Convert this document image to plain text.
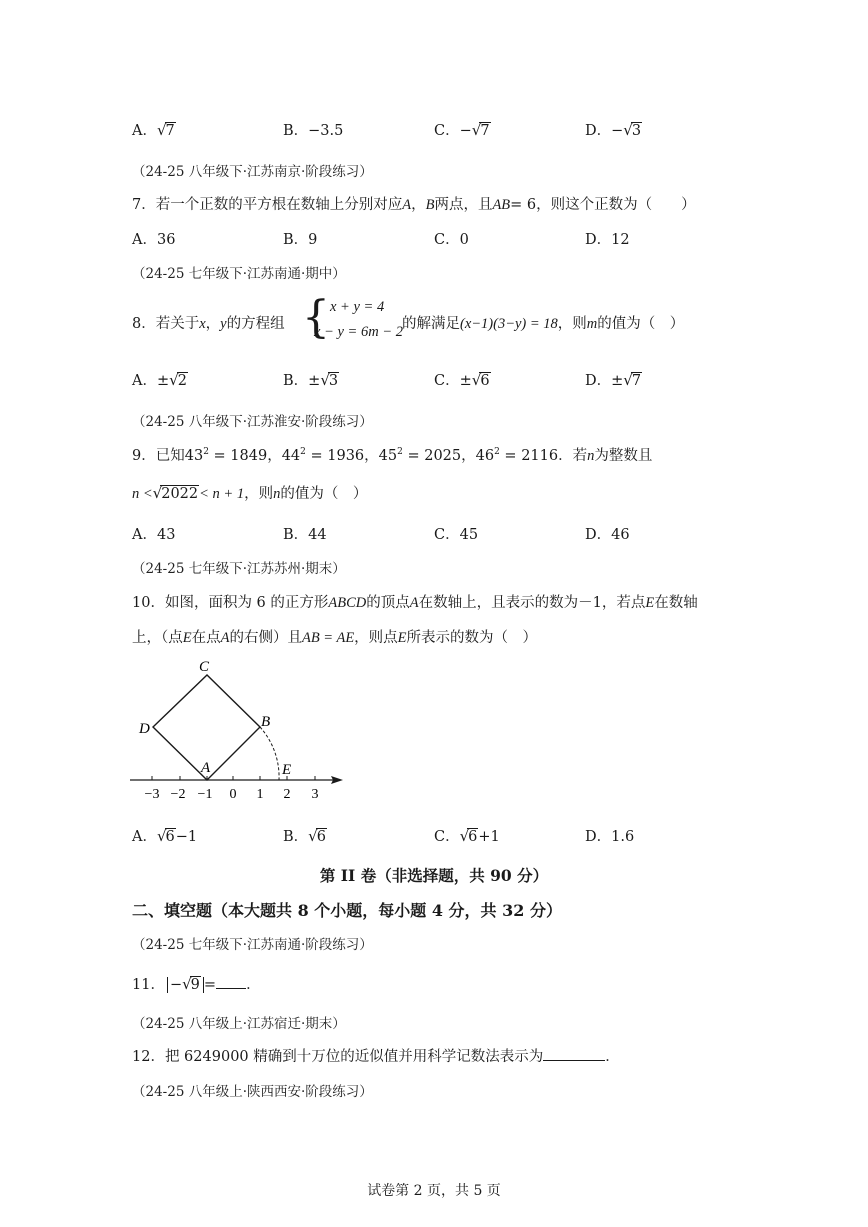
A．√7	B．−3.5	C．−√7	D．−√3
（24-25 八年级下·江苏南京·阶段练习）
7．若一个正数的平方根在数轴上分别对应A，B两点，且AB= 6，则这个正数为（　　）
A．36	B．9	C．0	D．12
（24-25 七年级下·江苏南通·期中）
8．若关于x，y的方程组 { x + y = 4
x − y = 6m − 2 的解满足(x−1)(3−y) = 18，则m的值为（　）
A．±√2	B．±√3	C．±√6	D．±√7
（24-25 八年级下·江苏淮安·阶段练习）
9．已知$43^2 = 1849$，$44^2 = 1936$，$45^2 = 2025$，$46^2 = 2116$．若n为整数且
n <√2022< n + 1，则n的值为（　）
A．43	B．44	C．45	D．46
（24-25 七年级下·江苏苏州·期末）
10．如图，面积为 6 的正方形ABCD的顶点A在数轴上，且表示的数为－1，若点E在数轴
上，（点E在点A的右侧）且AB = AE，则点E所表示的数为（　）
C
D	B
A	E
−3 −2 −1 0 1 2 3
A．√6−1	B．√6	C．√6+1	D．1.6
第 II 卷（非选择题，共 90 分）
二、填空题（本大题共 8 个小题，每小题 4 分，共 32 分）
（24-25 七年级下·江苏南通·阶段练习）
11． −√9 = ．
（24-25 八年级上·江苏宿迁·期末）
12．把 6249000 精确到十万位的近似值并用科学记数法表示为	．
（24-25 八年级上·陕西西安·阶段练习）
试卷第 2 页，共 5 页
